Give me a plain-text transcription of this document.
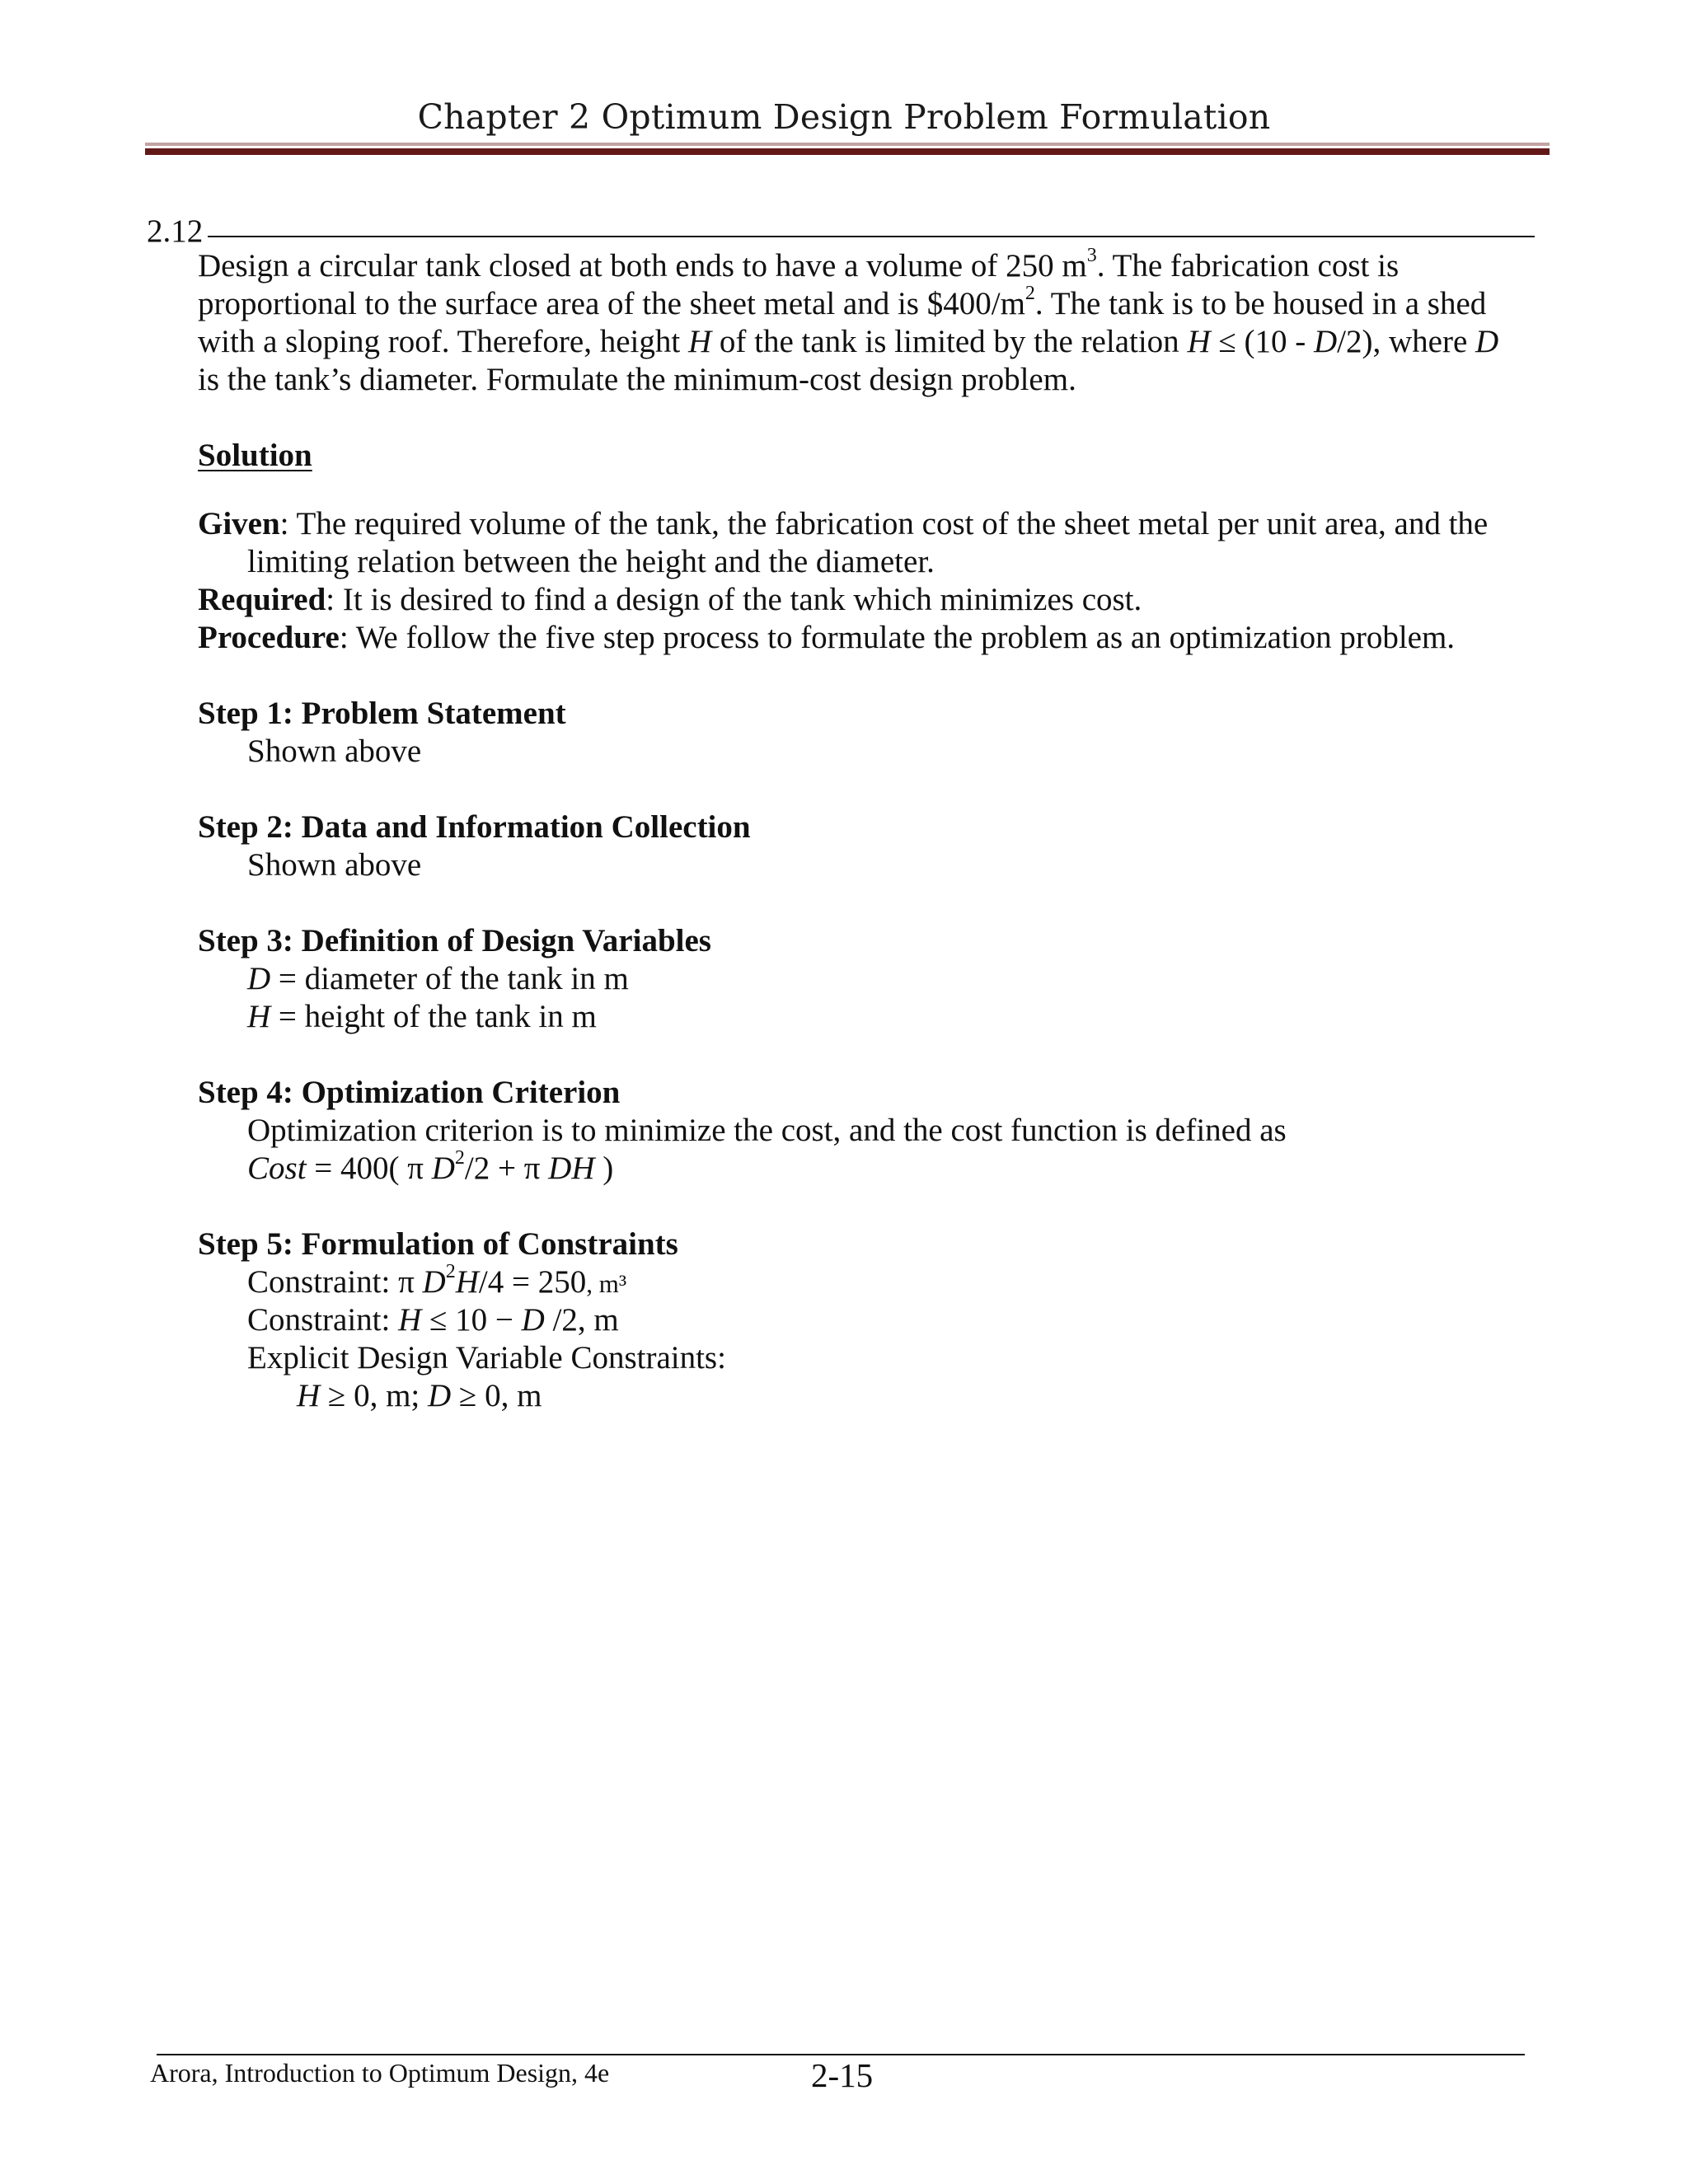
Chapter 2 Optimum Design Problem Formulation
2.12
Design a circular tank closed at both ends to have a volume of 250 $m^3$. The fabrication cost is
proportional to the surface area of the sheet metal and is $\$400/m^2$. The tank is to be housed in a shed
with a sloping roof. Therefore, height H of the tank is limited by the relation H ≤ (10 - D/2), where D
is the tank’s diameter. Formulate the minimum-cost design problem.
Solution
Given: The required volume of the tank, the fabrication cost of the sheet metal per unit area, and the
limiting relation between the height and the diameter.
Required: It is desired to find a design of the tank which minimizes cost.
Procedure: We follow the five step process to formulate the problem as an optimization problem.
Step 1: Problem Statement
Shown above
Step 2: Data and Information Collection
Shown above
Step 3: Definition of Design Variables
D = diameter of the tank in m
H = height of the tank in m
Step 4: Optimization Criterion
Optimization criterion is to minimize the cost, and the cost function is defined as
Cost = 400( π $D^2/2 + \pi$ DH )
Step 5: Formulation of Constraints
Constraint: π $D^2H/4 = 250$, m³
Constraint: H ≤ 10 − D /2, m
Explicit Design Variable Constraints:
H ≥ 0, m; D ≥ 0, m
Arora, Introduction to Optimum Design, 4e	2-15
